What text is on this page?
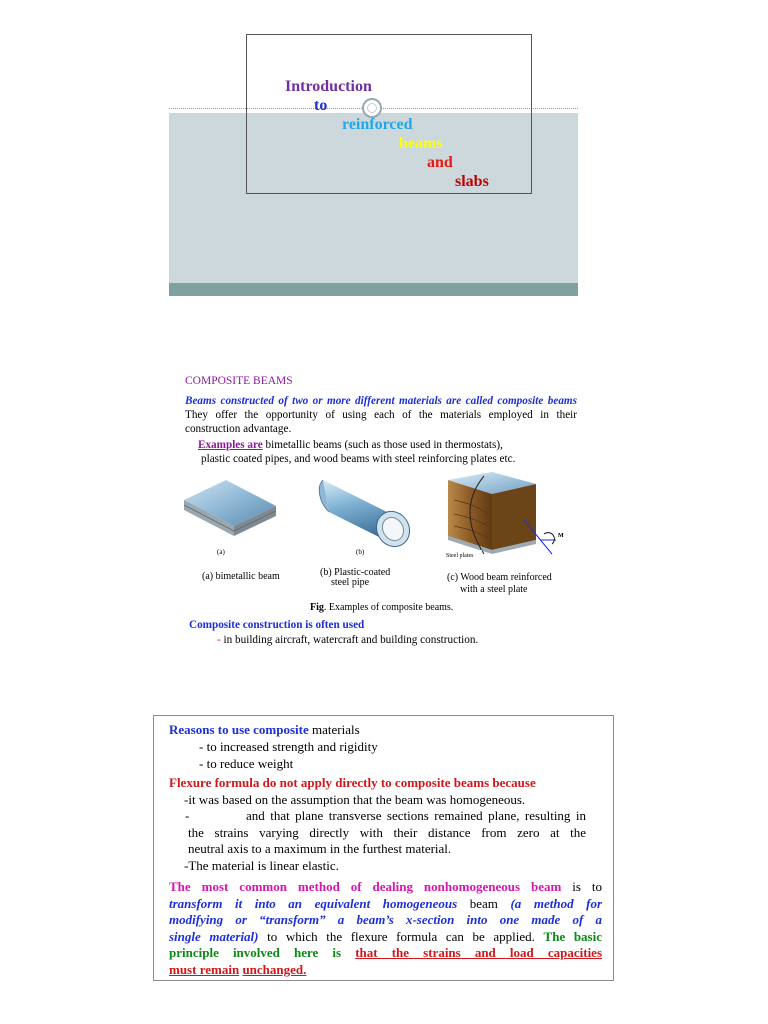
Introduction
to
reinforced
beams
and
slabs
COMPOSITE BEAMS
Beams constructed of two or more different materials are called composite beams They offer the opportunity of using each of the materials employed in their construction advantage.
Examples are bimetallic beams (such as those used in thermostats),
plastic coated pipes, and wood beams with steel reinforcing plates etc.
(a)
(a) bimetallic beam
(b)
(b) Plastic-coated
steel pipe
Steel plates
M
(c) Wood beam reinforced
with a steel plate
Fig. Examples of composite beams.
Composite construction is often used
- in building aircraft, watercraft and building construction.
Reasons to use composite materials
- to increased strength and rigidity
- to reduce weight
Flexure formula do not apply directly to composite beams because
-it was based on the assumption that the beam was homogeneous.
-	and that plane transverse sections remained plane, resulting in
the strains varying directly with their distance from zero at the
neutral axis to a maximum in the furthest material.
-The material is linear elastic.
The most common method of dealing nonhomogeneous beam is to
transform it into an equivalent homogeneous beam (a method for
modifying or “transform” a beam’s x-section into one made of a
single material) to which the flexure formula can be applied. The basic
principle involved here is that the strains and load capacities
must remain unchanged.
